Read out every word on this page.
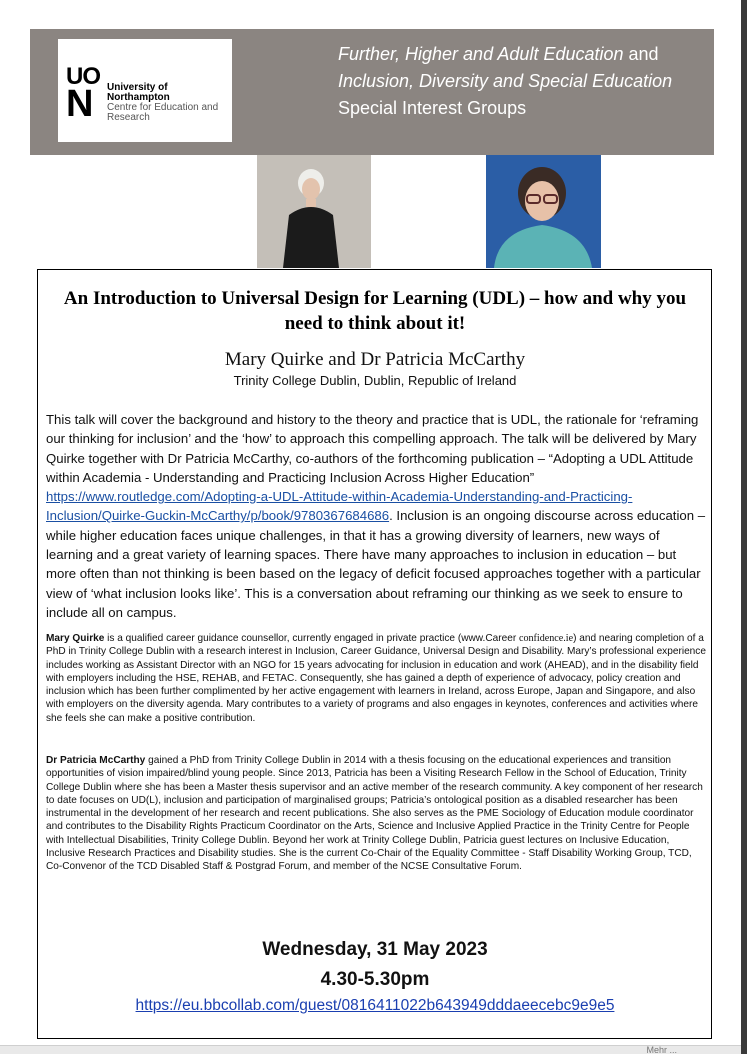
UO
N University of Northampton
Centre for Education and Research
Further, Higher and Adult Education and
Inclusion, Diversity and Special Education
Special Interest Groups
An Introduction to Universal Design for Learning (UDL) – how and why you need to think about it!
Mary Quirke and Dr Patricia McCarthy
Trinity College Dublin, Dublin, Republic of Ireland
This talk will cover the background and history to the theory and practice that is UDL, the rationale for ‘reframing our thinking for inclusion’ and the ‘how’ to approach this compelling approach. The talk will be delivered by Mary Quirke together with Dr Patricia McCarthy, co-authors of the forthcoming publication – “Adopting a UDL Attitude within Academia - Understanding and Practicing Inclusion Across Higher Education” https://www.routledge.com/Adopting-a-UDL-Attitude-within-Academia-Understanding-and-Practicing-Inclusion/Quirke-Guckin-McCarthy/p/book/9780367684686. Inclusion is an ongoing discourse across education – while higher education faces unique challenges, in that it has a growing diversity of learners, new ways of learning and a great variety of learning spaces. There have many approaches to inclusion in education – but more often than not thinking is been based on the legacy of deficit focused approaches together with a particular view of ‘what inclusion looks like’. This is a conversation about reframing our thinking as we seek to ensure to include all on campus.
Mary Quirke is a qualified career guidance counsellor, currently engaged in private practice (www.Career confidence.ie) and nearing completion of a PhD in Trinity College Dublin with a research interest in Inclusion, Career Guidance, Universal Design and Disability. Mary’s professional experience includes working as Assistant Director with an NGO for 15 years advocating for inclusion in education and work (AHEAD), and in the disability field with employers including the HSE, REHAB, and FETAC. Consequently, she has gained a depth of experience of advocacy, policy creation and inclusion which has been further complimented by her active engagement with learners in Ireland, across Europe, Japan and Singapore, and also with employers on the diversity agenda. Mary contributes to a variety of programs and also engages in keynotes, conferences and activities where she feels she can make a positive contribution.
Dr Patricia McCarthy gained a PhD from Trinity College Dublin in 2014 with a thesis focusing on the educational experiences and transition opportunities of vision impaired/blind young people. Since 2013, Patricia has been a Visiting Research Fellow in the School of Education, Trinity College Dublin where she has been a Master thesis supervisor and an active member of the research community. A key component of her research to date focuses on UD(L), inclusion and participation of marginalised groups; Patricia’s ontological position as a disabled researcher has been instrumental in the development of her research and recent publications. She also serves as the PME Sociology of Education module coordinator and contributes to the Disability Rights Practicum Coordinator on the Arts, Science and Inclusive Applied Practice in the Trinity Centre for People with Intellectual Disabilities, Trinity College Dublin. Beyond her work at Trinity College Dublin, Patricia guest lectures on Inclusive Education, Inclusive Research Practices and Disability studies. She is the current Co-Chair of the Equality Committee - Staff Disability Working Group, TCD, Co-Convenor of the TCD Disabled Staff & Postgrad Forum, and member of the NCSE Consultative Forum.
Wednesday, 31 May 2023
4.30-5.30pm
https://eu.bbcollab.com/guest/0816411022b643949dddaeecebc9e9e5
Mehr ...
